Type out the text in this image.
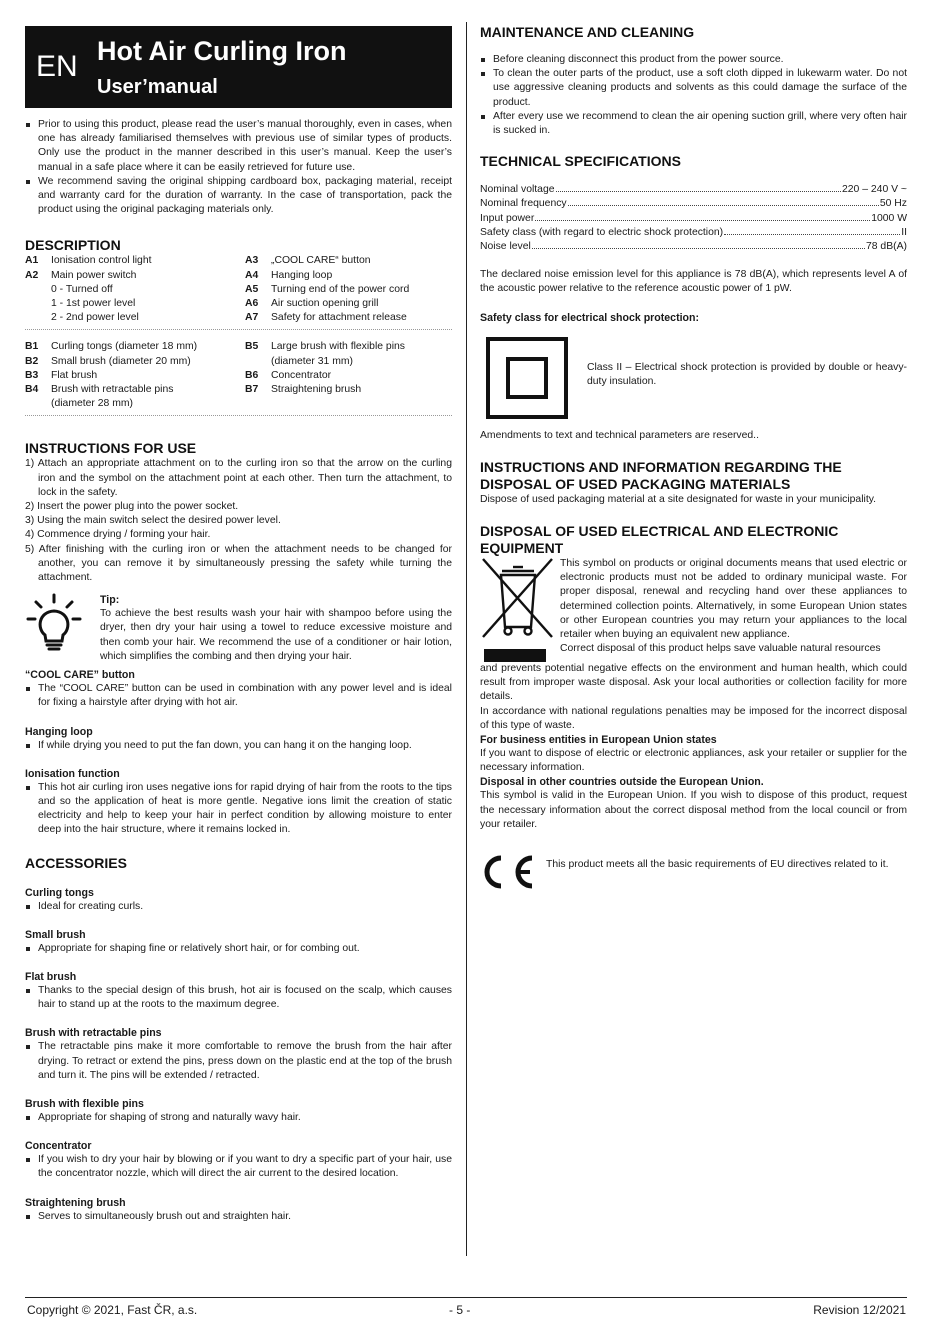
EN Hot Air Curling Iron
User’manual
Prior to using this product, please read the user’s manual thoroughly, even in cases, when one has already familiarised themselves with previous use of similar types of products. Only use the product in the manner described in this user’s manual. Keep the user’s manual in a safe place where it can be easily retrieved for future use.
We recommend saving the original shipping cardboard box, packaging material, receipt and warranty card for the duration of warranty. In the case of transportation, pack the product using the original packaging materials only.
DESCRIPTION
A1	Ionisation control light
A2	Main power switch
0 - Turned off
1 - 1st power level
2 - 2nd power level
A3	„COOL CARE“ button
A4	Hanging loop
A5	Turning end of the power cord
A6	Air suction opening grill
A7	Safety for attachment release
B1	Curling tongs (diameter 18 mm)
B2	Small brush (diameter 20 mm)
B3	Flat brush
B4	Brush with retractable pins
(diameter 28 mm)
B5	Large brush with flexible pins
(diameter 31 mm)
B6	Concentrator
B7	Straightening brush
INSTRUCTIONS FOR USE
1) Attach an appropriate attachment on to the curling iron so that the arrow on the curling iron and the symbol on the attachment point at each other. Then turn the attachment, to lock in the safety.
2) Insert the power plug into the power socket.
3) Using the main switch select the desired power level.
4) Commence drying / forming your hair.
5) After finishing with the curling iron or when the attachment needs to be changed for another, you can remove it by simultaneously pressing the safety while turning the attachment.
Tip:

To achieve the best results wash your hair with shampoo before using the dryer, then dry your hair using a towel to reduce excessive moisture and then comb your hair. We recommend the use of a conditioner or hair lotion, which simplifies the combing and then drying your hair.

“COOL CARE” button
The “COOL CARE” button can be used in combination with any power level and is ideal for fixing a hairstyle after drying with hot air.
Hanging loop
If while drying you need to put the fan down, you can hang it on the hanging loop.
Ionisation function
This hot air curling iron uses negative ions for rapid drying of hair from the roots to the tips and so the application of heat is more gentle. Negative ions limit the creation of static electricity and help to keep your hair in perfect condition by allowing moisture to enter deep into the hair structure, where it remains locked in.
ACCESSORIES
Curling tongs
Ideal for creating curls.
Small brush
Appropriate for shaping fine or relatively short hair, or for combing out.
Flat brush
Thanks to the special design of this brush, hot air is focused on the scalp, which causes hair to stand up at the roots to the maximum degree.
Brush with retractable pins
The retractable pins make it more comfortable to remove the brush from the hair after drying. To retract or extend the pins, press down on the plastic end at the top of the brush and turn it. The pins will be extended / retracted.
Brush with flexible pins
Appropriate for shaping of strong and naturally wavy hair.
Concentrator
If you wish to dry your hair by blowing or if you want to dry a specific part of your hair, use the concentrator nozzle, which will direct the air current to the desired location.
Straightening brush
Serves to simultaneously brush out and straighten hair.
MAINTENANCE AND CLEANING
Before cleaning disconnect this product from the power source.
To clean the outer parts of the product, use a soft cloth dipped in lukewarm water. Do not use aggressive cleaning products and solvents as this could damage the surface of the product.
After every use we recommend to clean the air opening suction grill, where very often hair is sucked in.
TECHNICAL SPECIFICATIONS
Nominal voltage	220 – 240 V ~
Nominal frequency	50 Hz
Input power	1000 W
Safety class (with regard to electric shock protection)	II
Noise level	78 dB(A)

The declared noise emission level for this appliance is 78 dB(A), which represents level A of the acoustic power relative to the reference acoustic power of 1 pW.

Safety class for electrical shock protection:

Class II – Electrical shock protection is provided by double or heavy-duty insulation.

Amendments to text and technical parameters are reserved..

INSTRUCTIONS AND INFORMATION REGARDING THE DISPOSAL OF USED PACKAGING MATERIALS

Dispose of used packaging material at a site designated for waste in your municipality.

DISPOSAL OF USED ELECTRICAL AND ELECTRONIC EQUIPMENT

This symbol on products or original documents means that used electric or electronic products must not be added to ordinary municipal waste. For proper disposal, renewal and recycling hand over these appliances to determined collection points. Alternatively, in some European Union states or other European countries you may return your appliances to the local retailer when buying an equivalent new appliance.

Correct disposal of this product helps save valuable natural resources

and prevents potential negative effects on the environment and human health, which could result from improper waste disposal. Ask your local authorities or collection facility for more details.

In accordance with national regulations penalties may be imposed for the incorrect disposal of this type of waste.

For business entities in European Union states

If you want to dispose of electric or electronic appliances, ask your retailer or supplier for the necessary information.

Disposal in other countries outside the European Union.

This symbol is valid in the European Union. If you wish to dispose of this product, request the necessary information about the correct disposal method from the local council or from your retailer.

This product meets all the basic requirements of EU directives related to it.

Copyright © 2021, Fast ČR, a.s.	- 5 -	Revision 12/2021
